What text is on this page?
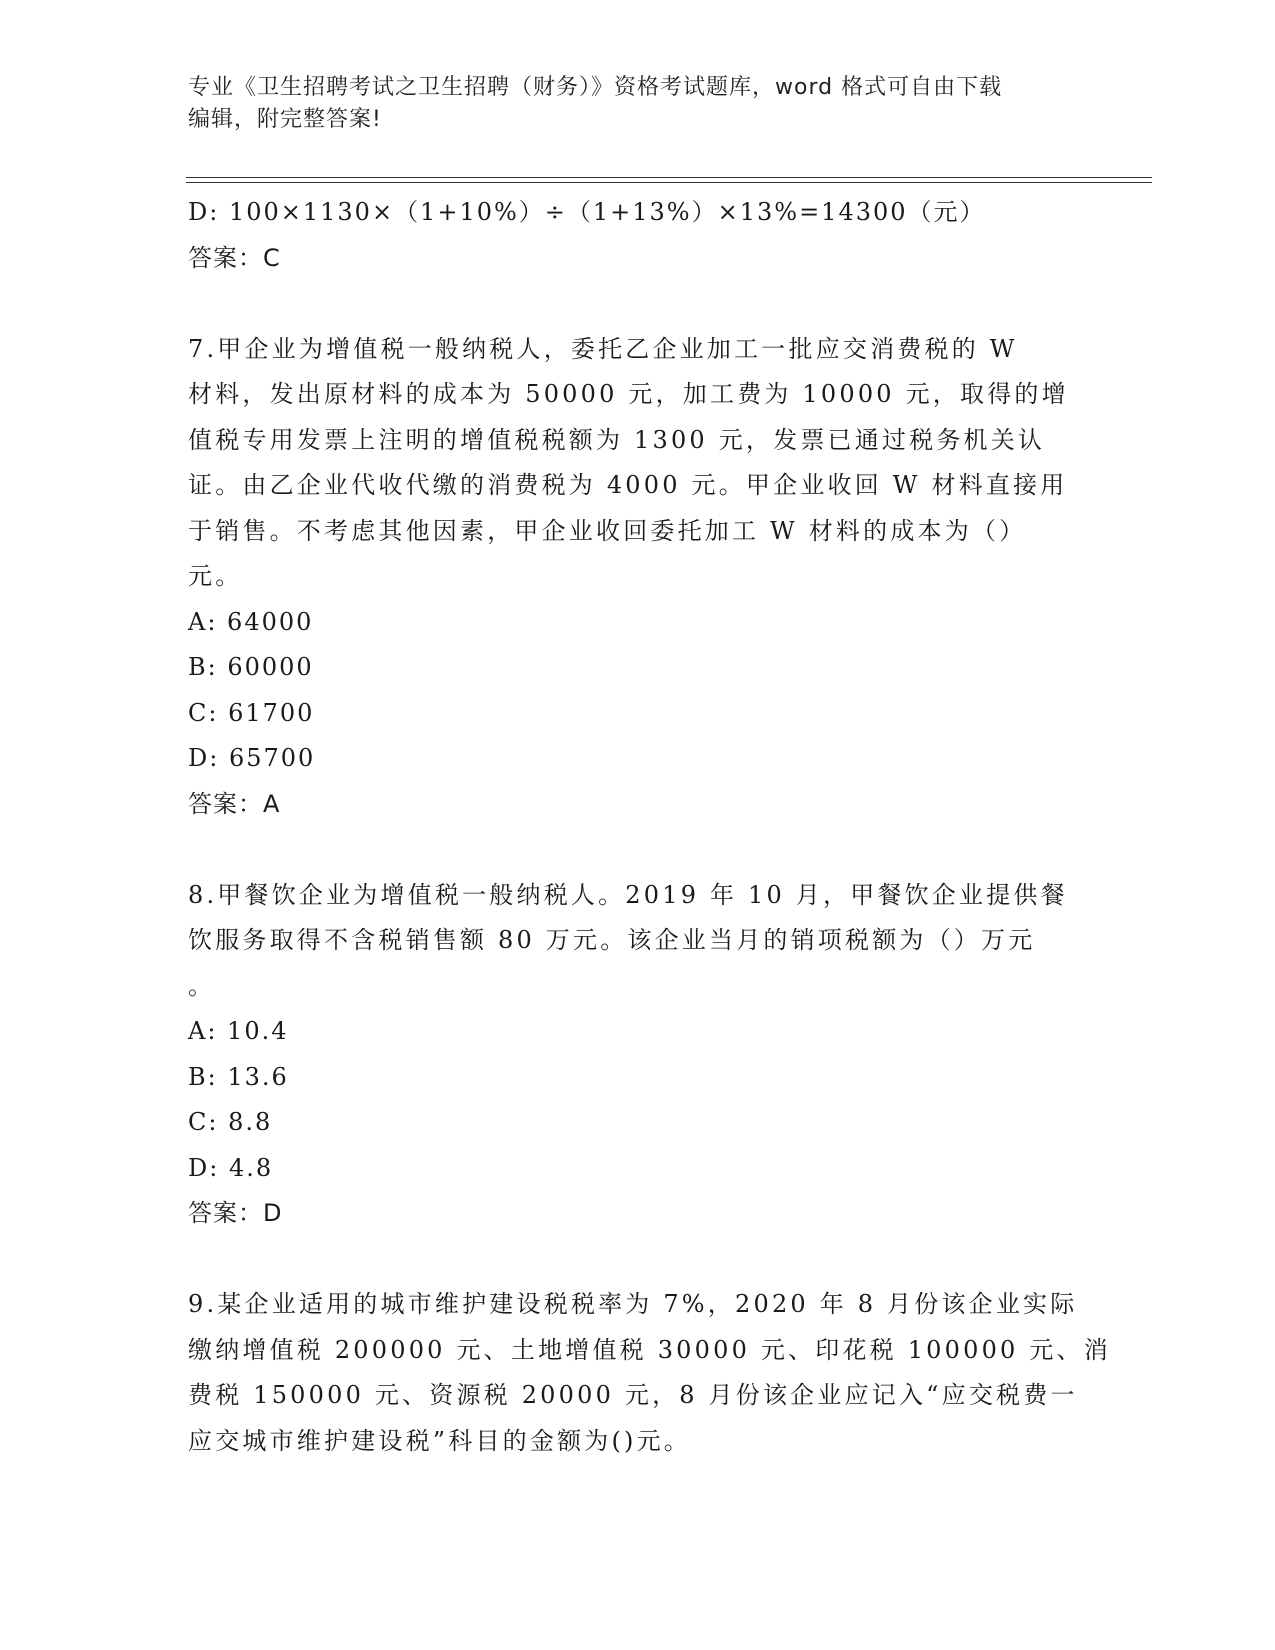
专业《卫生招聘考试之卫生招聘（财务）》资格考试题库，word 格式可自由下载
编辑，附完整答案!
D: 100×1130×（1+10%）÷（1+13%）×13%=14300（元）
答案：C
7.甲企业为增值税一般纳税人，委托乙企业加工一批应交消费税的 W
材料，发出原材料的成本为 50000 元，加工费为 10000 元，取得的增
值税专用发票上注明的增值税税额为 1300 元，发票已通过税务机关认
证。由乙企业代收代缴的消费税为 4000 元。甲企业收回 W 材料直接用
于销售。不考虑其他因素，甲企业收回委托加工 W 材料的成本为（）
元。
A: 64000
B: 60000
C: 61700
D: 65700
答案：A
8.甲餐饮企业为增值税一般纳税人。2019 年 10 月，甲餐饮企业提供餐
饮服务取得不含税销售额 80 万元。该企业当月的销项税额为（）万元
。
A: 10.4
B: 13.6
C: 8.8
D: 4.8
答案：D
9.某企业适用的城市维护建设税税率为 7%，2020 年 8 月份该企业实际
缴纳增值税 200000 元、土地增值税 30000 元、印花税 100000 元、消
费税 150000 元、资源税 20000 元，8 月份该企业应记入“应交税费一
应交城市维护建设税”科目的金额为()元。
